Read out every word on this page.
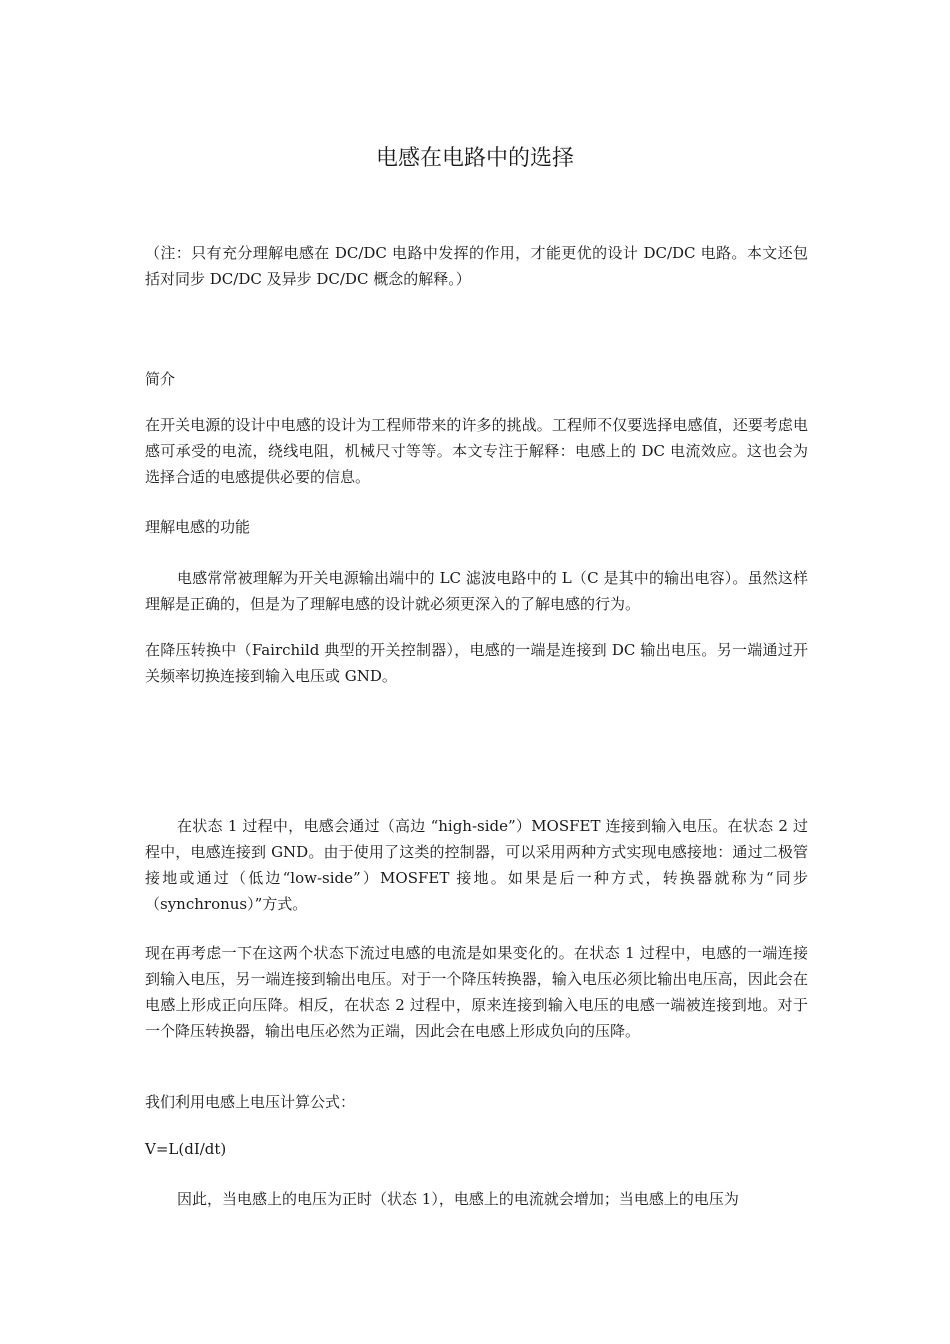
电感在电路中的选择

（注：只有充分理解电感在 DC/DC 电路中发挥的作用，才能更优的设计 DC/DC 电路。本文还包括对同步 DC/DC 及异步 DC/DC 概念的解释。）

简介

在开关电源的设计中电感的设计为工程师带来的许多的挑战。工程师不仅要选择电感值，还要考虑电感可承受的电流，绕线电阻，机械尺寸等等。本文专注于解释：电感上的 DC 电流效应。这也会为选择合适的电感提供必要的信息。

理解电感的功能

电感常常被理解为开关电源输出端中的 LC 滤波电路中的 L（C 是其中的输出电容）。虽然这样理解是正确的，但是为了理解电感的设计就必须更深入的了解电感的行为。

在降压转换中（Fairchild 典型的开关控制器），电感的一端是连接到 DC 输出电压。另一端通过开关频率切换连接到输入电压或 GND。

在状态 1 过程中，电感会通过（高边 “high-side”）MOSFET 连接到输入电压。在状态 2 过程中，电感连接到 GND。由于使用了这类的控制器，可以采用两种方式实现电感接地：通过二极管接地或通过（低边“low-side”）MOSFET 接地。如果是后一种方式，转换器就称为“同步（synchronus）”方式。

现在再考虑一下在这两个状态下流过电感的电流是如果变化的。在状态 1 过程中，电感的一端连接到输入电压，另一端连接到输出电压。对于一个降压转换器，输入电压必须比输出电压高，因此会在电感上形成正向压降。相反，在状态 2 过程中，原来连接到输入电压的电感一端被连接到地。对于一个降压转换器，输出电压必然为正端，因此会在电感上形成负向的压降。

我们利用电感上电压计算公式：

V=L(dI/dt)

因此，当电感上的电压为正时（状态 1），电感上的电流就会增加；当电感上的电压为
